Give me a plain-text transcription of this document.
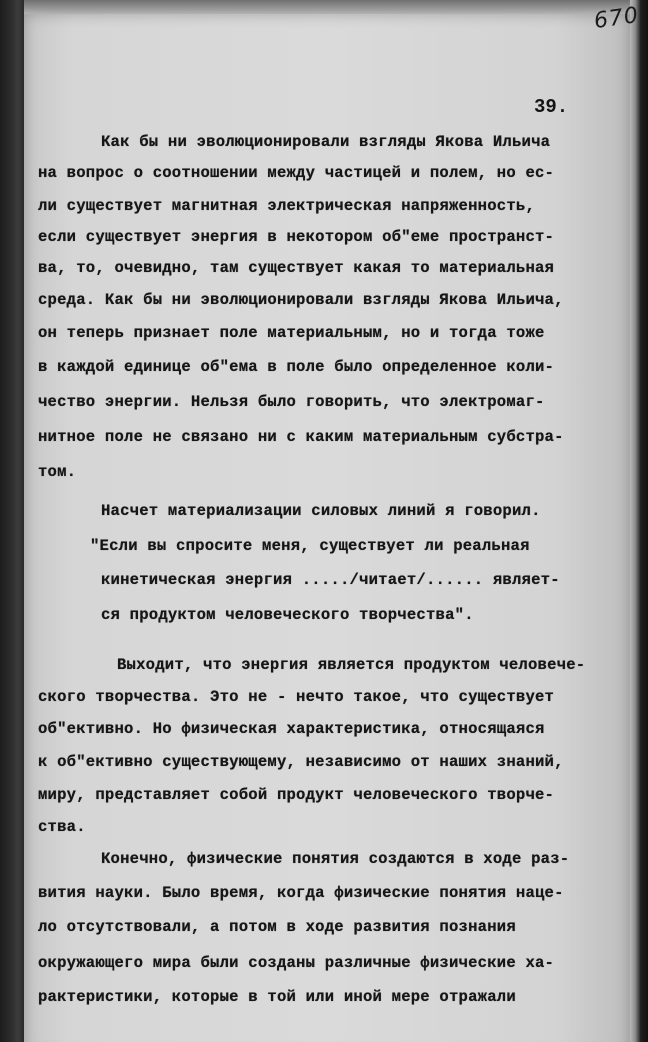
670
39.
Как бы ни эволюционировали взгляды Якова Ильича
на вопрос о соотношении между частицей и полем, но ес-
ли существует магнитная электрическая напряженность,
если существует энергия в некотором об"еме пространст-
ва, то, очевидно, там существует какая то материальная
среда. Как бы ни эволюционировали взгляды Якова Ильича,
он теперь признает поле материальным, но и тогда тоже
в каждой единице об"ема в поле было определенное коли-
чество энергии. Нельзя было говорить, что электромаг-
нитное поле не связано ни с каким материальным субстра-
том.
Насчет материализации силовых линий я говорил.
"Если вы спросите меня, существует ли реальная
кинетическая энергия ...../читает/...... являет-
ся продуктом человеческого творчества".
Выходит, что энергия является продуктом человече-
ского творчества. Это не - нечто такое, что существует
об"ективно. Но физическая характеристика, относящаяся
к об"ективно существующему, независимо от наших знаний,
миру, представляет собой продукт человеческого творче-
ства.
Конечно, физические понятия создаются в ходе раз-
вития науки. Было время, когда физические понятия наце-
ло отсутствовали, а потом в ходе развития познания
окружающего мира были созданы различные физические ха-
рактеристики, которые в той или иной мере отражали
